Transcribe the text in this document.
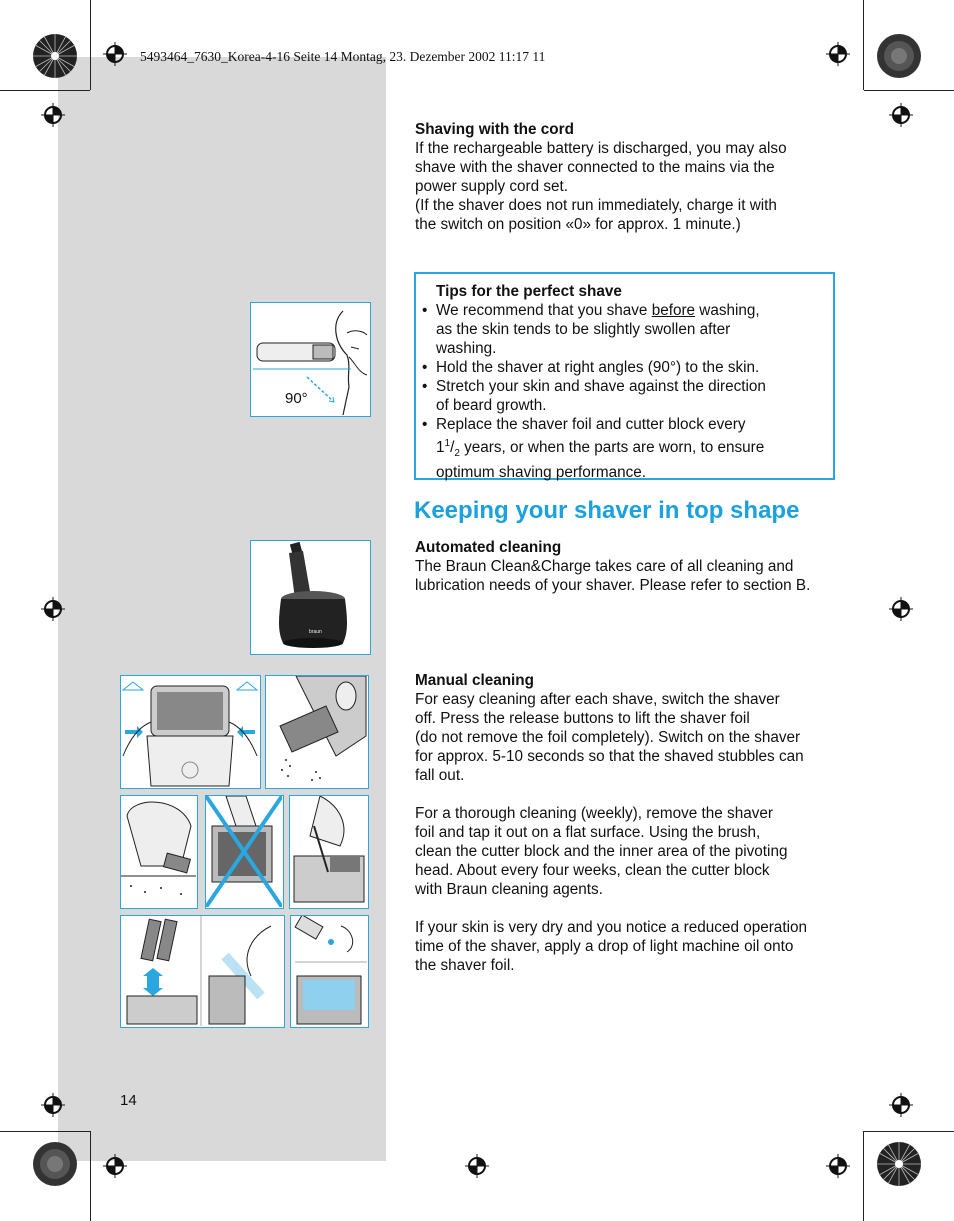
5493464_7630_Korea-4-16 Seite 14 Montag, 23. Dezember 2002 11:17 11

Shaving with the cord

If the rechargeable battery is discharged, you may also

shave with the shaver connected to the mains via the

power supply cord set.

(If the shaver does not run immediately, charge it with

the switch on position «0» for approx. 1 minute.)

Tips for the perfect shave

• We recommend that you shave before washing,
as the skin tends to be slightly swollen after
washing.
• Hold the shaver at right angles (90°) to the skin.
• Stretch your skin and shave against the direction
of beard growth.
• Replace the shaver foil and cutter block every
$1^1/_2$ years, or when the parts are worn, to ensure
optimum shaving performance.
Keeping your shaver in top shape

Automated cleaning

The Braun Clean&Charge takes care of all cleaning and

lubrication needs of your shaver. Please refer to section B.

Manual cleaning

For easy cleaning after each shave, switch the shaver

off. Press the release buttons to lift the shaver foil

(do not remove the foil completely). Switch on the shaver

for approx. 5-10 seconds so that the shaved stubbles can

fall out.

For a thorough cleaning (weekly), remove the shaver

foil and tap it out on a flat surface. Using the brush,

clean the cutter block and the inner area of the pivoting

head. About every four weeks, clean the cutter block

with Braun cleaning agents.

If your skin is very dry and you notice a reduced operation

time of the shaver, apply a drop of light machine oil onto

the shaver foil.

90°
braun
14
